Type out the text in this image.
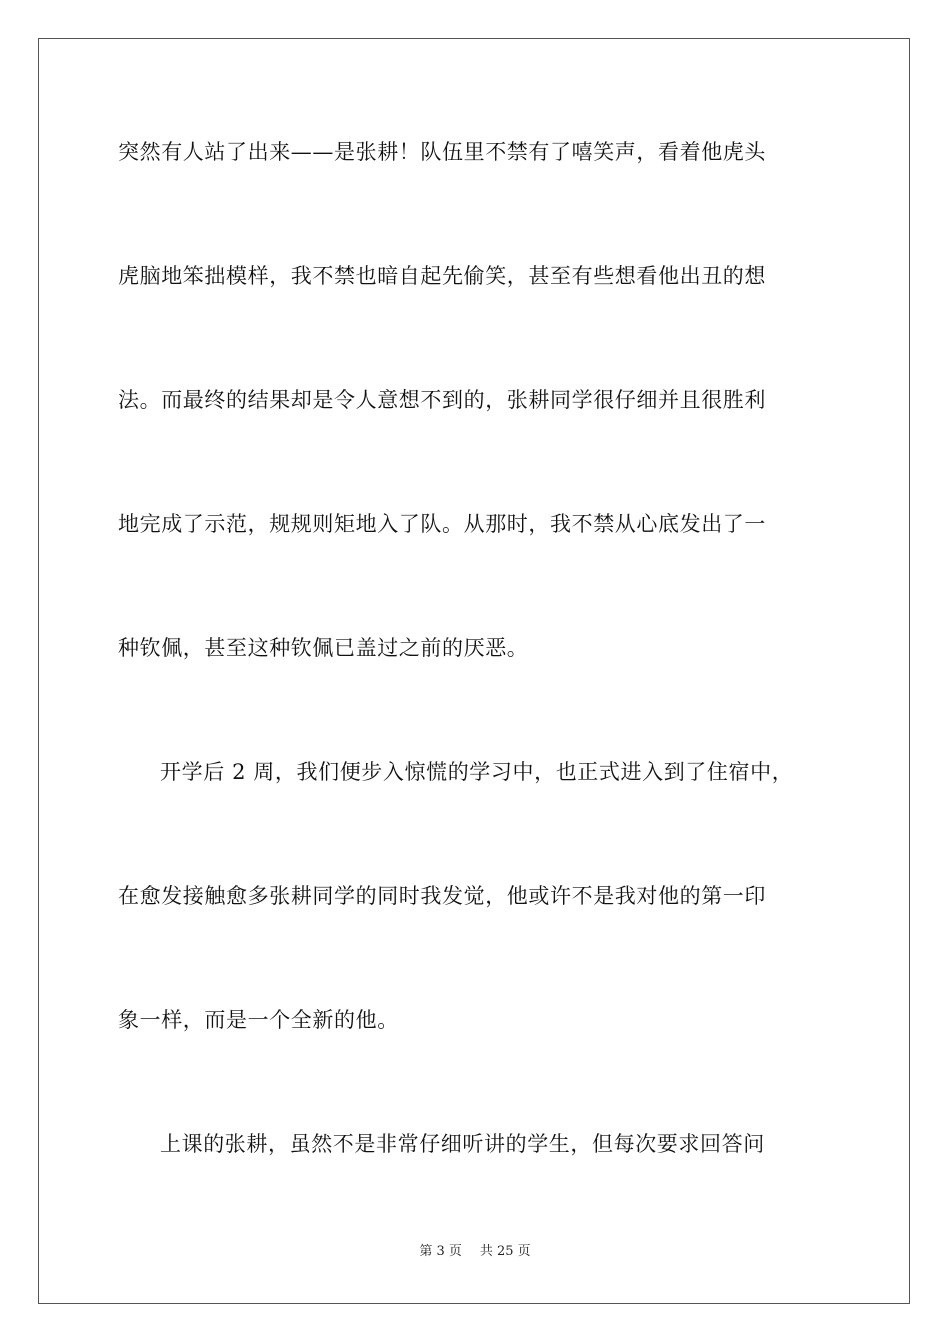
突然有人站了出来——是张耕！队伍里不禁有了嘻笑声，看着他虎头
虎脑地笨拙模样，我不禁也暗自起先偷笑，甚至有些想看他出丑的想
法。而最终的结果却是令人意想不到的，张耕同学很仔细并且很胜利
地完成了示范，规规则矩地入了队。从那时，我不禁从心底发出了一
种钦佩，甚至这种钦佩已盖过之前的厌恶。
开学后 2 周，我们便步入惊慌的学习中，也正式进入到了住宿中，
在愈发接触愈多张耕同学的同时我发觉，他或许不是我对他的第一印
象一样，而是一个全新的他。
上课的张耕，虽然不是非常仔细听讲的学生，但每次要求回答问
第 3 页 共 25 页
